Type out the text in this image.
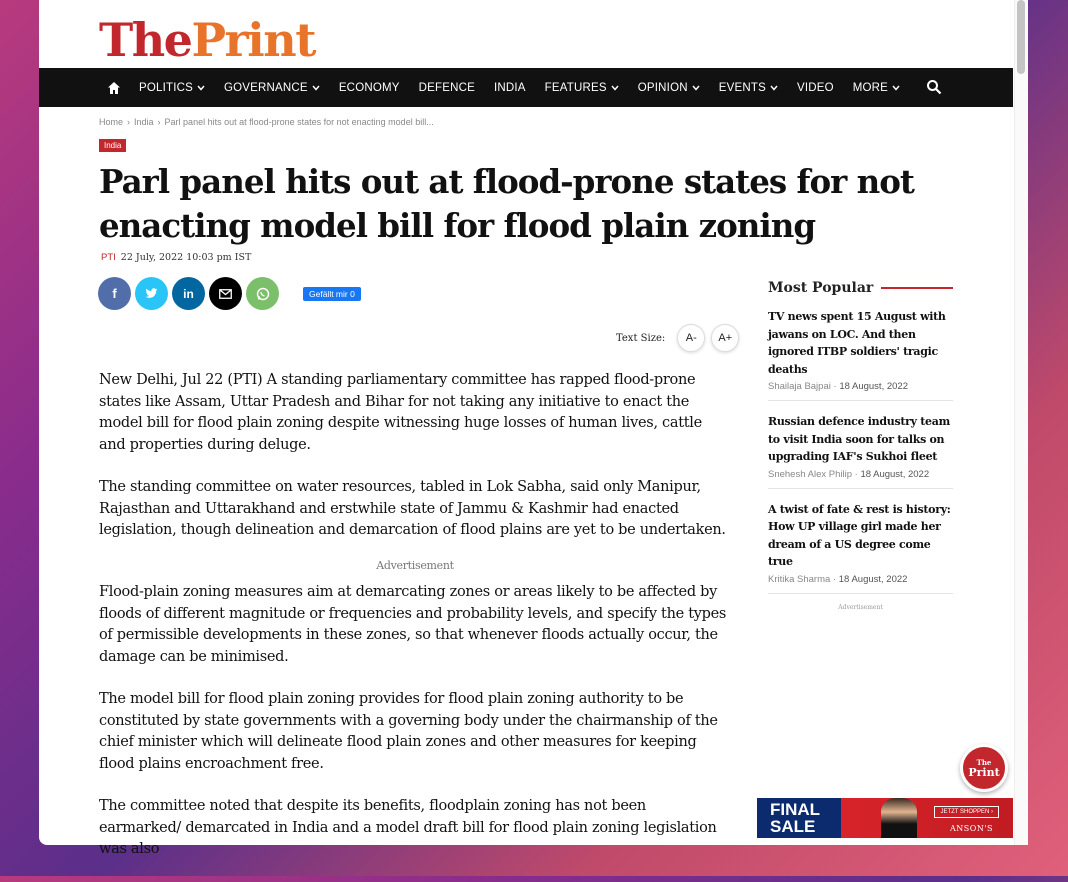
ThePrint
POLITICS	GOVERNANCE	ECONOMY DEFENCE INDIA FEATURES	OPINION	EVENTS	VIDEO MORE
Home › India › Parl panel hits out at flood-prone states for not enacting model bill...
India
Parl panel hits out at flood-prone states for not enacting model bill for flood plain zoning
PTI 22 July, 2022 10:03 pm IST
f	in	Gefällt mir 0
Text Size:	A-	A+

New Delhi, Jul 22 (PTI) A standing parliamentary committee has rapped flood-prone states like Assam, Uttar Pradesh and Bihar for not taking any initiative to enact the model bill for flood plain zoning despite witnessing huge losses of human lives, cattle and properties during deluge.

The standing committee on water resources, tabled in Lok Sabha, said only Manipur, Rajasthan and Uttarakhand and erstwhile state of Jammu & Kashmir had enacted legislation, though delineation and demarcation of flood plains are yet to be undertaken.

Advertisement

Flood-plain zoning measures aim at demarcating zones or areas likely to be affected by floods of different magnitude or frequencies and probability levels, and specify the types of permissible developments in these zones, so that whenever floods actually occur, the damage can be minimised.

The model bill for flood plain zoning provides for flood plain zoning authority to be constituted by state governments with a governing body under the chairmanship of the chief minister which will delineate flood plain zones and other measures for keeping flood plains encroachment free.

The committee noted that despite its benefits, floodplain zoning has not been earmarked/ demarcated in India and a model draft bill for flood plain zoning legislation was also

Most Popular
TV news spent 15 August with jawans on LOC. And then ignored ITBP soldiers' tragic deaths
Shailaja Bajpai · 18 August, 2022
Russian defence industry team to visit India soon for talks on upgrading IAF's Sukhoi fleet
Snehesh Alex Philip · 18 August, 2022
A twist of fate & rest is history: How UP village girl made her dream of a US degree come true
Kritika Sharma · 18 August, 2022
Advertisement
The
Print
FINAL
SALE
JETZT SHOPPEN ›
ANSON'S
